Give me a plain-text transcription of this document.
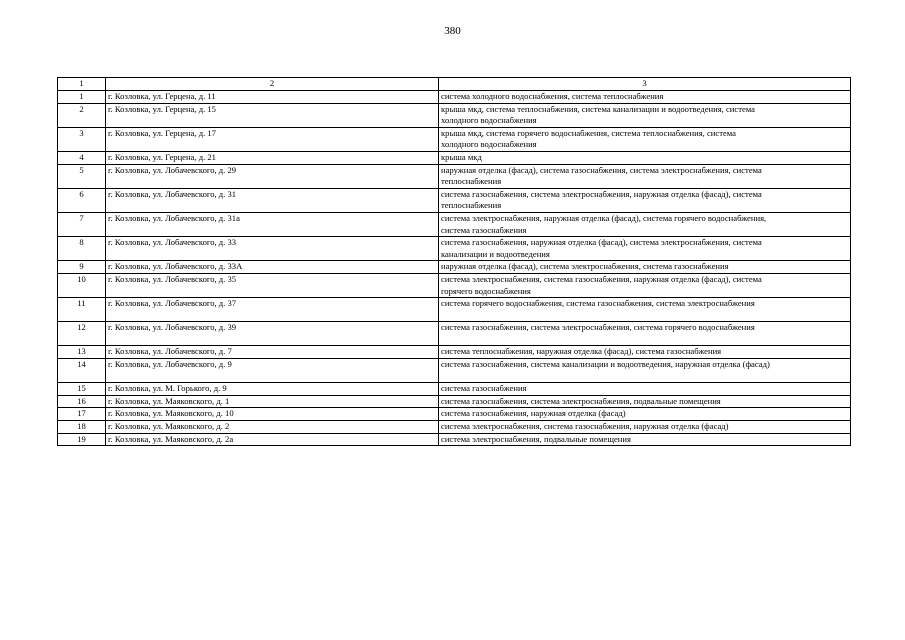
380
1	2	3
1	г. Козловка, ул. Герцена, д. 11	система холодного водоснабжения, система теплоснабжения

2	г. Козловка, ул. Герцена, д. 15	крыша мкд, система теплоснабжения, система канализации и водоотведения, система
холодного водоснабжения

3	г. Козловка, ул. Герцена, д. 17	крыша мкд, система горячего водоснабжения, система теплоснабжения, система
холодного водоснабжения

4	г. Козловка, ул. Герцена, д. 21	крыша мкд

5	г. Козловка, ул. Лобачевского, д. 29	наружная отделка (фасад), система газоснабжения, система электроснабжения, система
теплоснабжения

6	г. Козловка, ул. Лобачевского, д. 31	система газоснабжения, система электроснабжения, наружная отделка (фасад), система
теплоснабжения

7	г. Козловка, ул. Лобачевского, д. 31а	система электроснабжения, наружная отделка (фасад), система горячего водоснабжения,
система газоснабжения

8	г. Козловка, ул. Лобачевского, д. 33	система газоснабжения, наружная отделка (фасад), система электроснабжения, система
канализации и водоотведения

9	г. Козловка, ул. Лобачевского, д. 33А	наружная отделка (фасад), система электроснабжения, система газоснабжения

10	г. Козловка, ул. Лобачевского, д. 35	система электроснабжения, система газоснабжения, наружная отделка (фасад), система
горячего водоснабжения

11	г. Козловка, ул. Лобачевского, д. 37	система горячего водоснабжения, система газоснабжения, система электроснабжения

12	г. Козловка, ул. Лобачевского, д. 39	система газоснабжения, система электроснабжения, система горячего водоснабжения

13	г. Козловка, ул. Лобачевского, д. 7	система теплоснабжения, наружная отделка (фасад), система газоснабжения

14	г. Козловка, ул. Лобачевского, д. 9	система газоснабжения, система канализации и водоотведения, наружная отделка (фасад)

15	г. Козловка, ул. М. Горького, д. 9	система газоснабжения

16	г. Козловка, ул. Маяковского, д. 1	система газоснабжения, система электроснабжения, подвальные помещения

17	г. Козловка, ул. Маяковского, д. 10	система газоснабжения, наружная отделка (фасад)

18	г. Козловка, ул. Маяковского, д. 2	система электроснабжения, система газоснабжения, наружная отделка (фасад)

19	г. Козловка, ул. Маяковского, д. 2а	система электроснабжения, подвальные помещения
